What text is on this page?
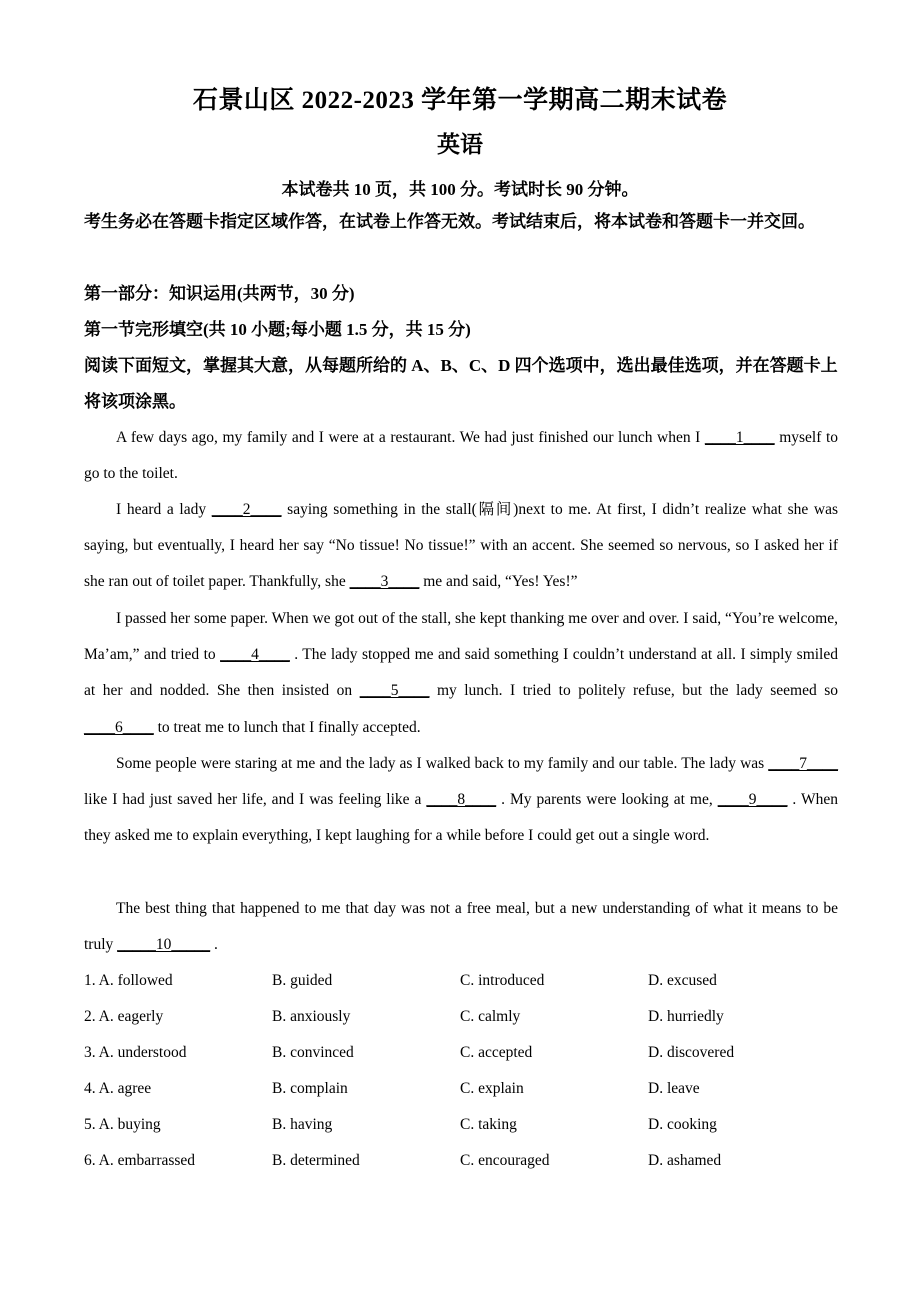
石景山区 2022-2023 学年第一学期高二期末试卷
英语
本试卷共 10 页，共 100 分。考试时长 90 分钟。
考生务必在答题卡指定区域作答，在试卷上作答无效。考试结束后，将本试卷和答题卡一并交回。
第一部分：知识运用(共两节，30 分)
第一节完形填空(共 10 小题;每小题 1.5 分，共 15 分)
阅读下面短文，掌握其大意，从每题所给的 A、B、C、D 四个选项中，选出最佳选项，并在答题卡上将该项涂黑。
A few days ago, my family and I were at a restaurant. We had just finished our lunch when I ____1____ myself to go to the toilet.
I heard a lady ____2____ saying something in the stall(隔间)next to me. At first, I didn’t realize what she was saying, but eventually, I heard her say “No tissue! No tissue!” with an accent. She seemed so nervous, so I asked her if she ran out of toilet paper. Thankfully, she ____3____ me and said, “Yes! Yes!”
I passed her some paper. When we got out of the stall, she kept thanking me over and over. I said, “You’re welcome, Ma’am,” and tried to ____4____ . The lady stopped me and said something I couldn’t understand at all. I simply smiled at her and nodded. She then insisted on ____5____ my lunch. I tried to politely refuse, but the lady seemed so ____6____ to treat me to lunch that I finally accepted.
Some people were staring at me and the lady as I walked back to my family and our table. The lady was ____7____ like I had just saved her life, and I was feeling like a ____8____ . My parents were looking at me, ____9____ . When they asked me to explain everything, I kept laughing for a while before I could get out a single word.
The best thing that happened to me that day was not a free meal, but a new understanding of what it means to be truly _____10_____ .
1. A. followed	B. guided	C. introduced	D. excused
2. A. eagerly	B. anxiously	C. calmly	D. hurriedly
3. A. understood	B. convinced	C. accepted	D. discovered
4. A. agree	B. complain	C. explain	D. leave
5. A. buying	B. having	C. taking	D. cooking
6. A. embarrassed	B. determined	C. encouraged	D. ashamed
